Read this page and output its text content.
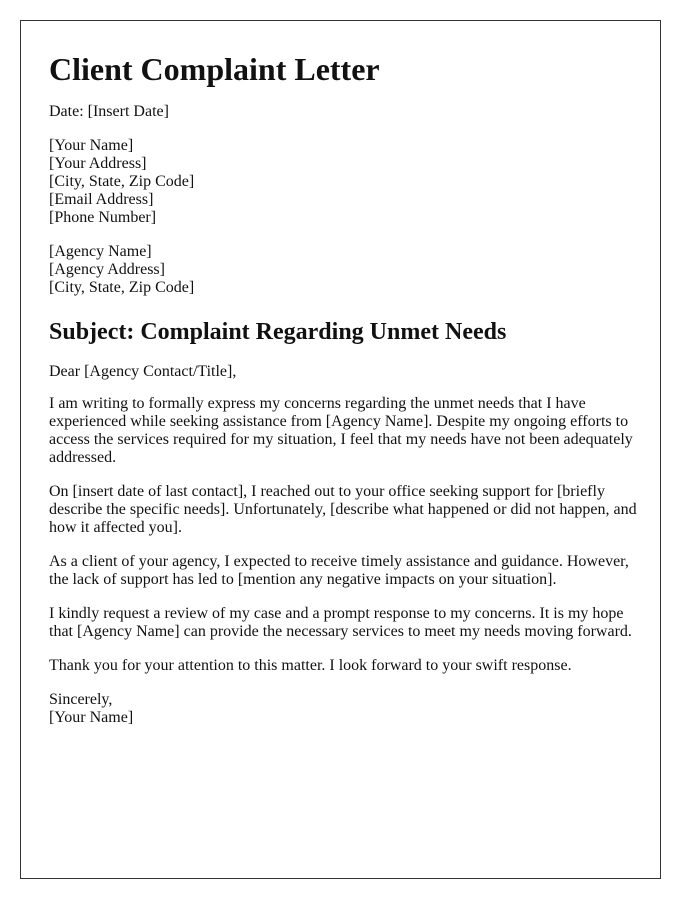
Client Complaint Letter

Date: [Insert Date]

[Your Name]

[Your Address]

[City, State, Zip Code]

[Email Address]

[Phone Number]

[Agency Name]

[Agency Address]

[City, State, Zip Code]

Subject: Complaint Regarding Unmet Needs

Dear [Agency Contact/Title],

I am writing to formally express my concerns regarding the unmet needs that I have experienced while seeking assistance from [Agency Name]. Despite my ongoing efforts to access the services required for my situation, I feel that my needs have not been adequately addressed.

On [insert date of last contact], I reached out to your office seeking support for [briefly describe the specific needs]. Unfortunately, [describe what happened or did not happen, and how it affected you].

As a client of your agency, I expected to receive timely assistance and guidance. However, the lack of support has led to [mention any negative impacts on your situation].

I kindly request a review of my case and a prompt response to my concerns. It is my hope that [Agency Name] can provide the necessary services to meet my needs moving forward.

Thank you for your attention to this matter. I look forward to your swift response.

Sincerely,

[Your Name]
